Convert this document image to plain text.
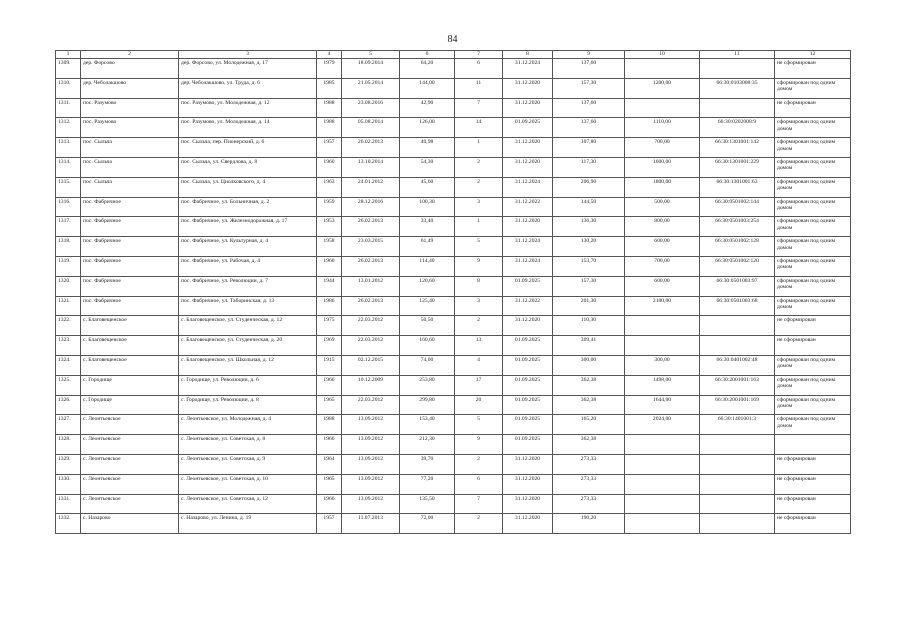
84
1	2	3	4	5	6	7	8	9	10	11	12
1309.	дер. Форсово	дер. Форсово, ул. Молодежная, д. 17	1979	18.09.2014	64,20	6	31.12.2024	137,60			не сформирован
1310.	дер. Чеболакшово	дер. Чеболакшово, ул. Труда, д. 6	1985	21.05.2014	144,00	11	31.12.2020	157,30	1200,00	66:30:0103008:35	сформирован под одним домом
1311.	пос. Разумово	пос. Разумово, ул. Молодежная, д. 12	1988	23.08.2016	42,90	7	31.12.2020	137,60			не сформирован
1312.	пос. Разумово	пос. Разумово, ул. Молодежная, д. 14	1988	05.08.2014	126,00	14	01.09.2025	137,60	1110,00	66:30:0202008:9	сформирован под одним домом
1313.	пос. Сыльча	пос. Сыльча, пер. Пионерский, д. 6	1957	26.02.2013	40,98	1	31.12.2020	107,80	700,00	66:30:1301001:142	сформирован под одним домом
1314.	пос. Сыльча	пос. Сыльча, ул. Свердлова, д. 8	1960	13.10.2014	54,30	2	31.12.2020	117,30	1600,00	66:30:1301001:229	сформирован под одним домом
1315.	пос. Сыльча	пос. Сыльча, ул. Циолковского, д. 4	1963	24.01.2012	45,60	2	31.12.2024	206,90	1800,00	66:30:1301001:63	сформирован под одним домом
1316.	пос. Фабричное	пос. Фабричное, ул. Больничная, д. 2	1959	28.12.2016	100,30	3	31.12.2022	144,50	500,00	66:30:0501002:144	сформирован под одним домом
1317.	пос. Фабричное	пос. Фабричное, ул. Железнодорожная, д. 17	1953	26.02.2013	33,40	1	31.12.2020	136,30	800,00	66:30:0501003:254	сформирован под одним домом
1318.	пос. Фабричное	пос. Фабричное, ул. Культурная, д. 4	1958	23.03.2015	61,49	5	31.12.2024	130,20	600,00	66:30:0501002:128	сформирован под одним домом
1319.	пос. Фабричное	пос. Фабричное, ул. Рабочая, д. 4	1960	26.02.2013	114,40	9	31.12.2024	153,70	700,00	66:30:0501002:120	сформирован под одним домом
1320.	пос. Фабричное	пос. Фабричное, ул. Революции, д. 7	1944	13.01.2012	120,60	8	01.09.2025	157,30	600,00	66:30:0501003:97	сформирован под одним домом
1321.	пос. Фабричное	пос. Фабричное, ул. Таборинская, д. 13	1986	26.02.2013	125,40	3	31.12.2022	201,30	2100,00	66:30:0501003:68	сформирован под одним домом
1322.	с. Благовещенское	с. Благовещенское, ул. Студенческая, д. 12	1975	22.03.2012	50,50	2	31.12.2020	110,30			не сформирован
1323.	с. Благовещенское	с. Благовещенское, ул. Студенческая, д. 20	1969	22.03.2012	160,60	13	01.09.2025	369,41			не сформирован
1324.	с. Благовещенское	с. Благовещенское, ул. Школьная, д. 12	1915	02.12.2015	74,00	4	01.09.2025	300,00	300,00	66:30:0401002:48	сформирован под одним домом
1325.	с. Городище	с. Городище, ул. Революции, д. 6	1966	10.12.2009	253,80	17	01.09.2025	362,38	1498,00	66:30:2001001:163	сформирован под одним домом
1326.	с. Городище	с. Городище, ул. Революции, д. 8	1965	22.03.2012	299,80	20	01.09.2025	362,38	1644,00	66:30:2001001:169	сформирован под одним домом
1327.	с. Леонтьевское	с. Леонтьевское, ул. Молодежная, д. 4	1988	13.09.2012	153,40	5	01.09.2025	165,20	2024,00	66:30:1401001:3	сформирован под одним домом
1328.	с. Леонтьевское	с. Леонтьевское, ул. Советская, д. 8	1966	13.09.2012	212,30	9	01.09.2025	362,38			
1329.	с. Леонтьевское	с. Леонтьевское, ул. Советская, д. 9	1964	13.09.2012	39,70	2	31.12.2020	273,33			не сформирован
1330.	с. Леонтьевское	с. Леонтьевское, ул. Советская, д. 10	1965	13.09.2012	77,20	6	31.12.2020	273,33			не сформирован
1331.	с. Леонтьевское	с. Леонтьевское, ул. Советская, д. 12	1966	13.09.2012	135,50	7	31.12.2020	273,33			не сформирован
1332.	с. Назарово	с. Назарово, ул. Ленина, д. 19	1957	11.07.2013	72,00	2	31.12.2020	190,20			не сформирован
